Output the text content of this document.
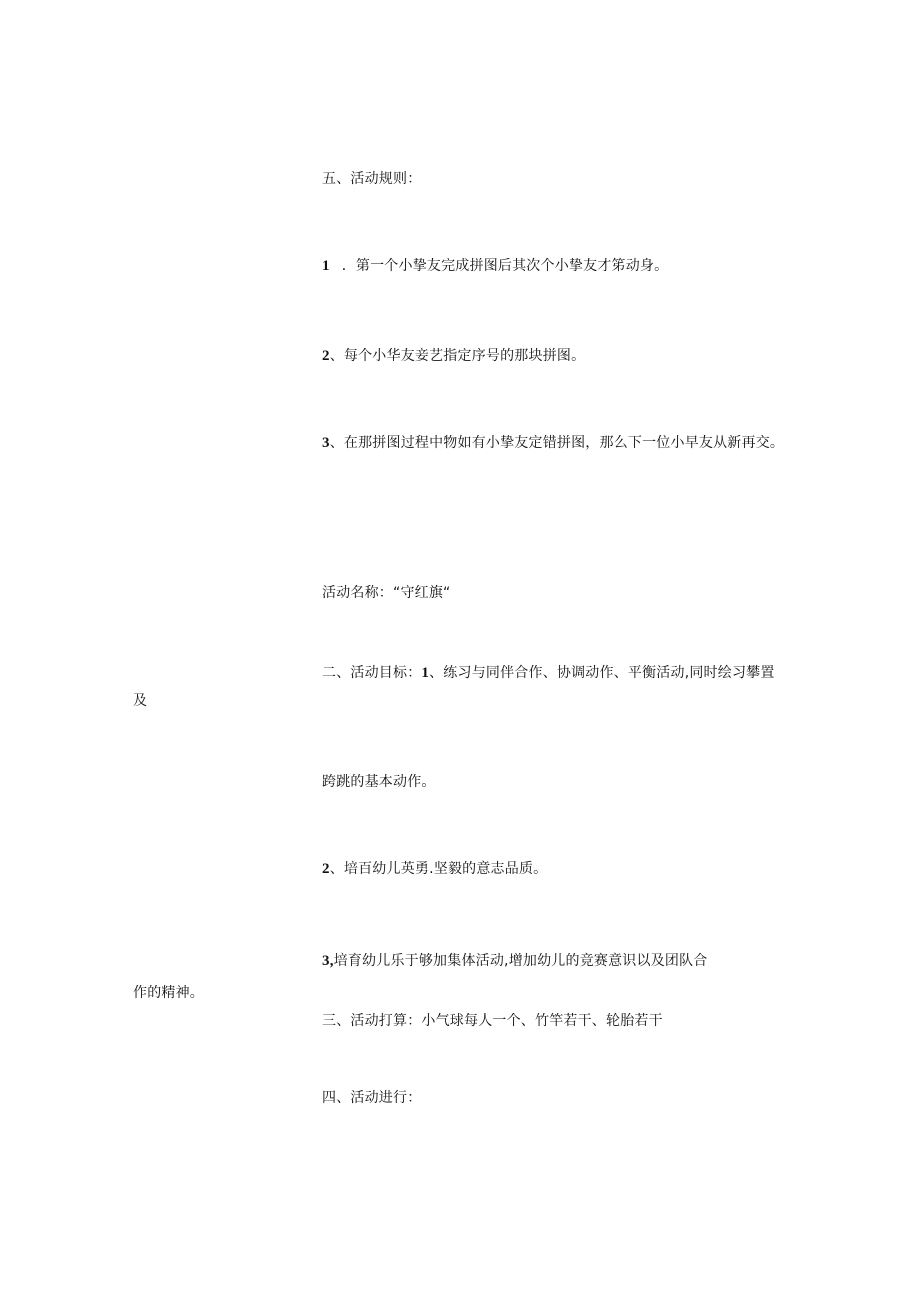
五、活动规则：
1 ．第一个小挚友完成拼图后其次个小挚友才笫动身。
2、每个小华友妾艺指定序号的那块拼图。
3、在那拼图过程中物如有小挚友定错拼图，那么下一位小早友从新再交。
活动名称：“守红旗“
二、活动目标：1、练习与同伴合作、协调动作、平衡活动,同时绘习攀置
及
跨跳的基本动作。
2、培百幼儿英勇.坚毅的意志品质。
3,培育幼儿乐于够加集体活动,增加幼儿的竞赛意识以及团队合
作的精神。
三、活动打算：小气球每人一个、竹竿若干、轮胎若干
四、活动进行：
